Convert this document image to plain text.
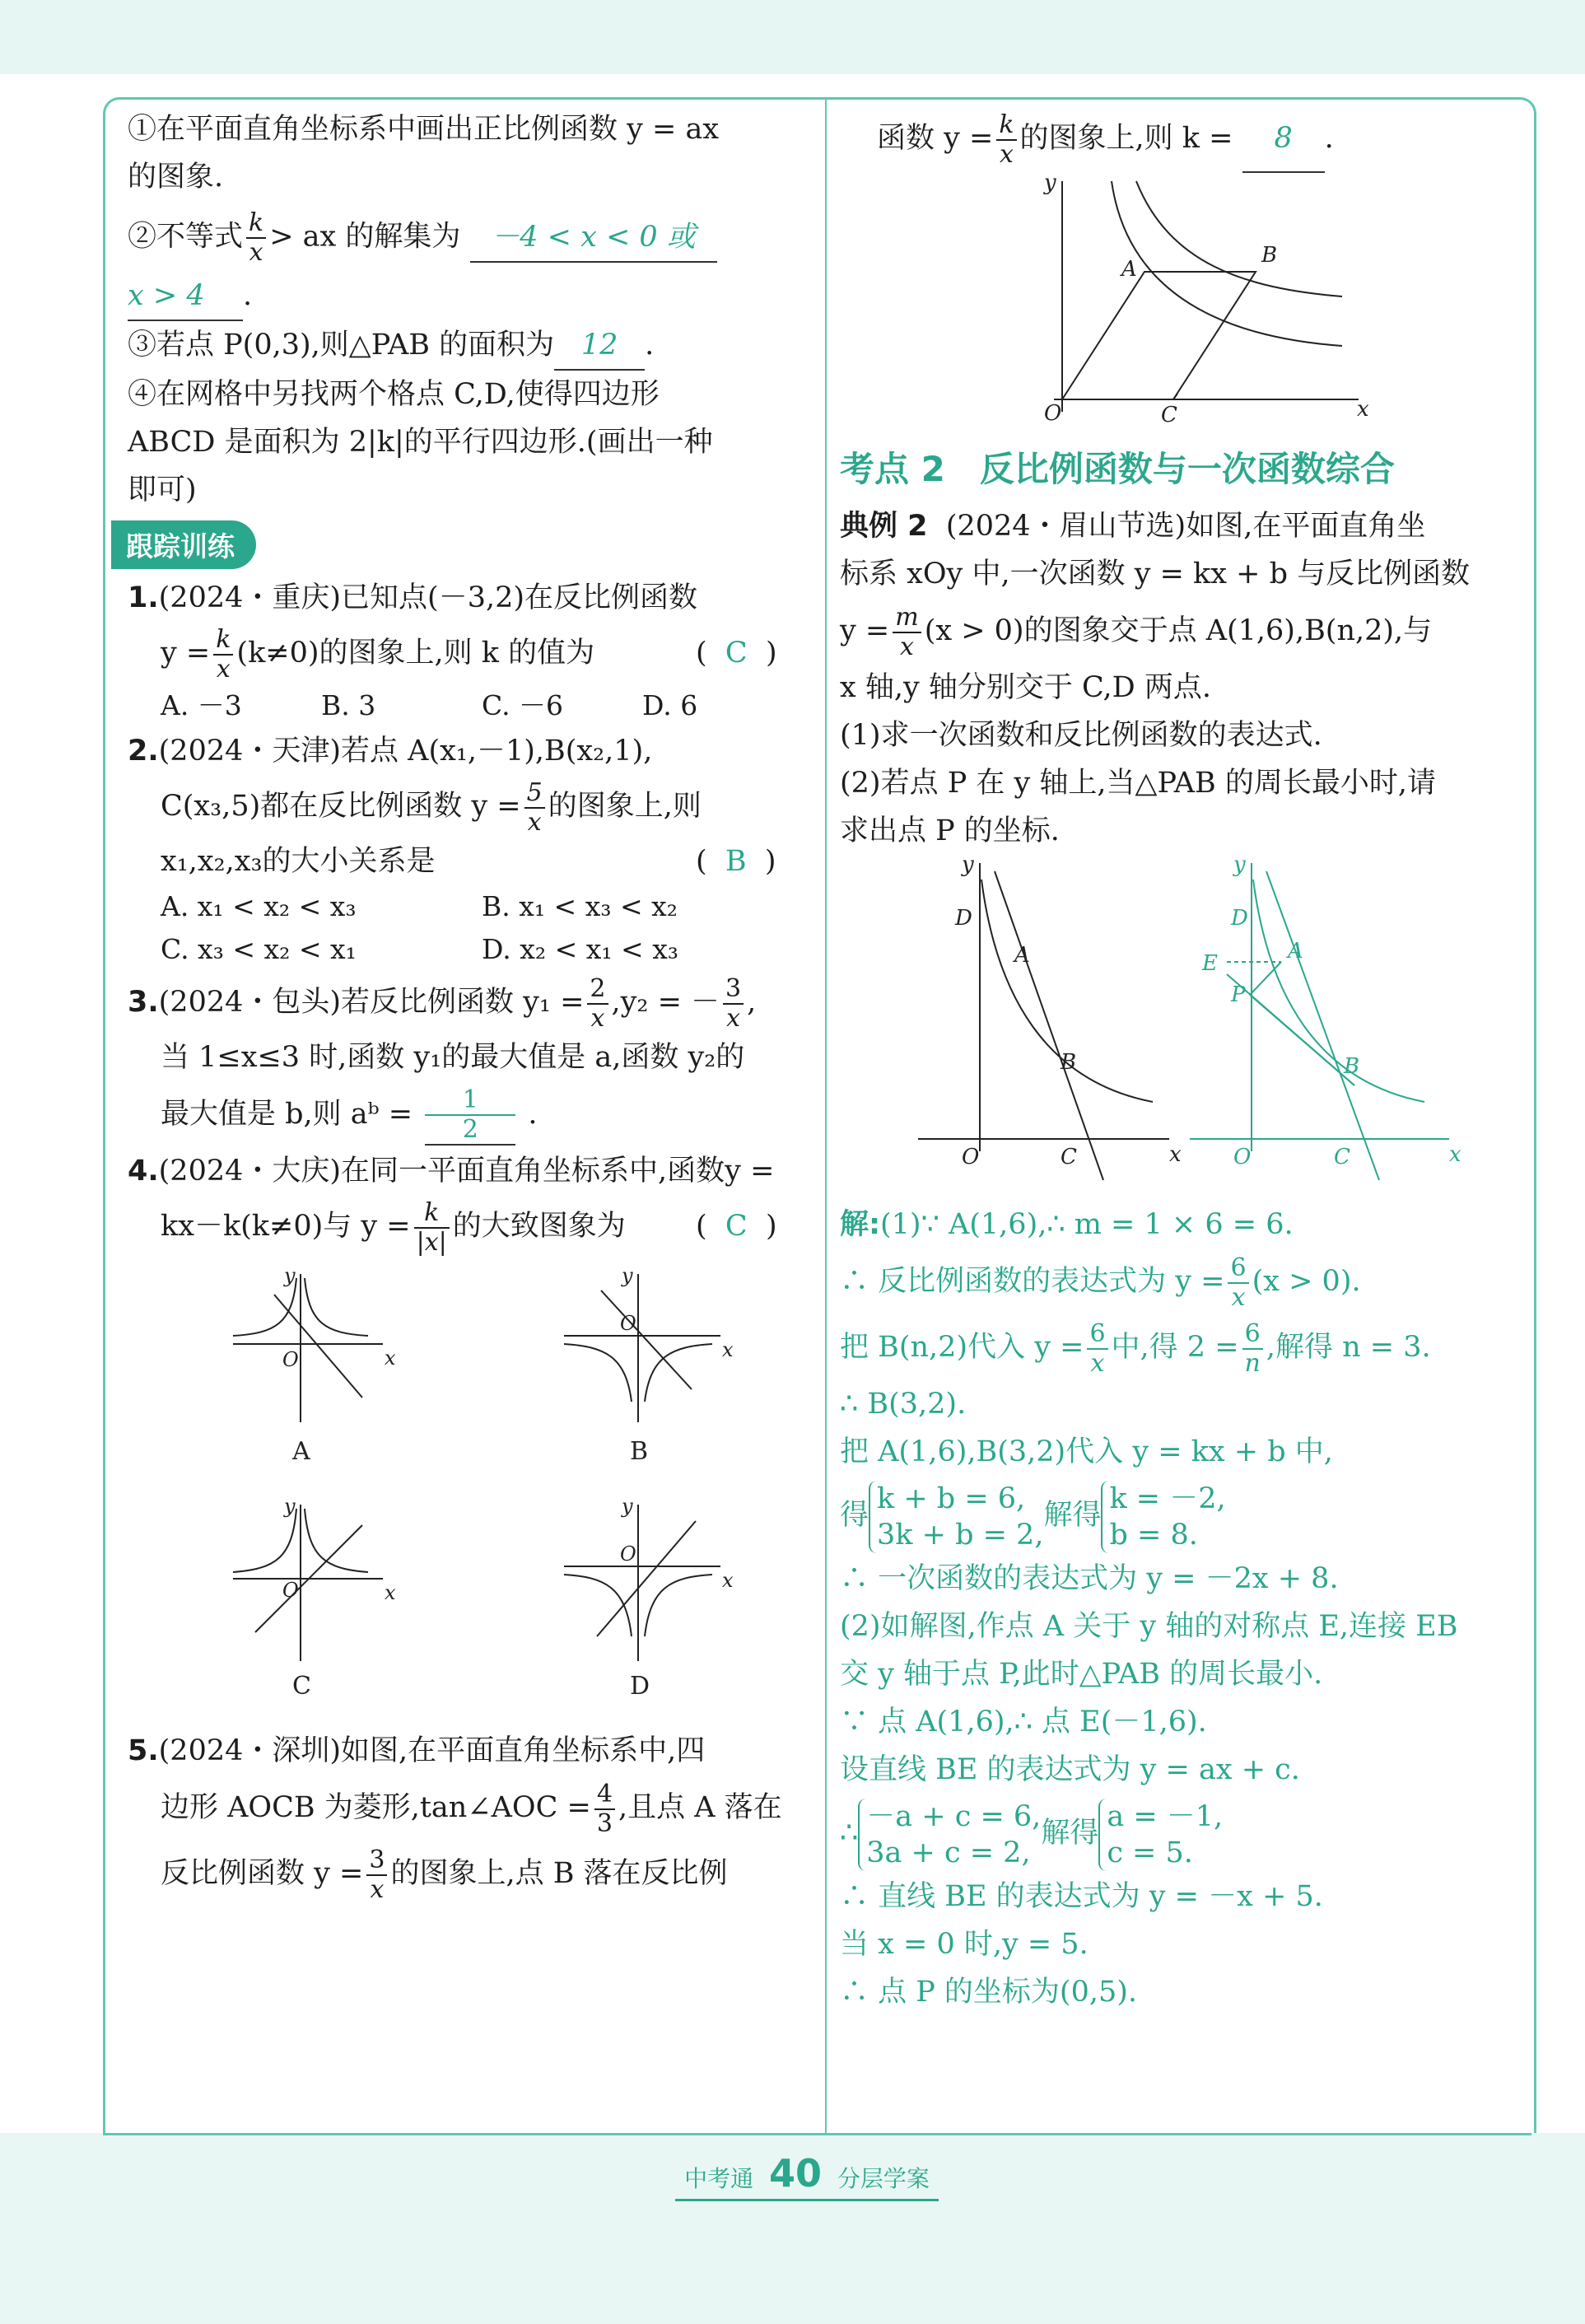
①在平面直角坐标系中画出正比例函数 y = ax

的图象.

②不等式 $\frac{k}{x}$ > ax 的解集为 －4 < x < 0 或

x > 4 .

③若点 P(0,3),则△PAB 的面积为 12 .

④在网格中另找两个格点 C,D,使得四边形

ABCD 是面积为 2|k|的平行四边形.(画出一种

即可)

跟踪训练

1.(2024・重庆)已知点(－3,2)在反比例函数

$y = \frac{k}{x} (k\ne 0)$的图象上,则 k 的值为	( C )

A. －3	B. 3	C. －6	D. 6

2.(2024・天津)若点 A(x₁,－1),B(x₂,1),

C(x₃,5)都在反比例函数 $y = \frac{5}{x}$ 的图象上,则

x₁,x₂,x₃的大小关系是	( B )

A. x₁ < x₂ < x₃	B. x₁ < x₃ < x₂
C. x₃ < x₂ < x₁	D. x₂ < x₁ < x₃

3.(2024・包头)若反比例函数 $y_1 = \frac{2}{x} ,y_2$ = － $\frac{3}{x}$ ,

当 1≤x≤3 时,函数 y₁的最大值是 a,函数 y₂的

最大值是 b,则 aᵇ = $\frac{1}{2}$ .

4.(2024・大庆)在同一平面直角坐标系中,函数y =

kx－k(k≠0)与 $y = \frac{k}{|x|}$ 的大致图象为 ( C )

y
x
O
y
x
O
y
x
O
y
x
O
A	B
C	D

5.(2024・深圳)如图,在平面直角坐标系中,四

边形 AOCB 为菱形,tan∠AOC = $\frac{4}{3}$ ,且点 A 落在

反比例函数 $y = \frac{3}{x}$ 的图象上,点 B 落在反比例

函数 $y = \frac{k}{x}$ 的图象上,则 k = 8 .

y
x
O
A
B
C
考点 2　反比例函数与一次函数综合

典例 2 (2024・眉山节选)如图,在平面直角坐

标系 xOy 中,一次函数 y = kx + b 与反比例函数

$y = \frac{m}{x} (x > 0)$的图象交于点 A(1,6),B(n,2),与

x 轴,y 轴分别交于 C,D 两点.

(1)求一次函数和反比例函数的表达式.

(2)若点 P 在 y 轴上,当△PAB 的周长最小时,请

求出点 P 的坐标.

y
x
O
D
A
B
C
y
x
O
D
E	A
P
B
C

解:(1)∵ A(1,6),∴ m = 1 × 6 = 6.

∴ 反比例函数的表达式为 $y = \frac{6}{x} (x > 0)$.

把 B(n,2)代入 $y = \frac{6}{x}$ 中,得 $2 = \frac{6}{n}$ ,解得 n = 3.

∴ B(3,2).

把 A(1,6),B(3,2)代入 y = kx + b 中,

得
k + b = 6,
3k + b = 2,
解得
k = －2,
b = 8.

∴ 一次函数的表达式为 y = －2x + 8.

(2)如解图,作点 A 关于 y 轴的对称点 E,连接 EB

交 y 轴于点 P,此时△PAB 的周长最小.

∵ 点 A(1,6),∴ 点 E(－1,6).

设直线 BE 的表达式为 y = ax + c.

∴
－a + c = 6,
3a + c = 2,
解得
a = －1,
c = 5.

∴ 直线 BE 的表达式为 y = －x + 5.

当 x = 0 时,y = 5.

∴ 点 P 的坐标为(0,5).

中考通 40 分层学案
